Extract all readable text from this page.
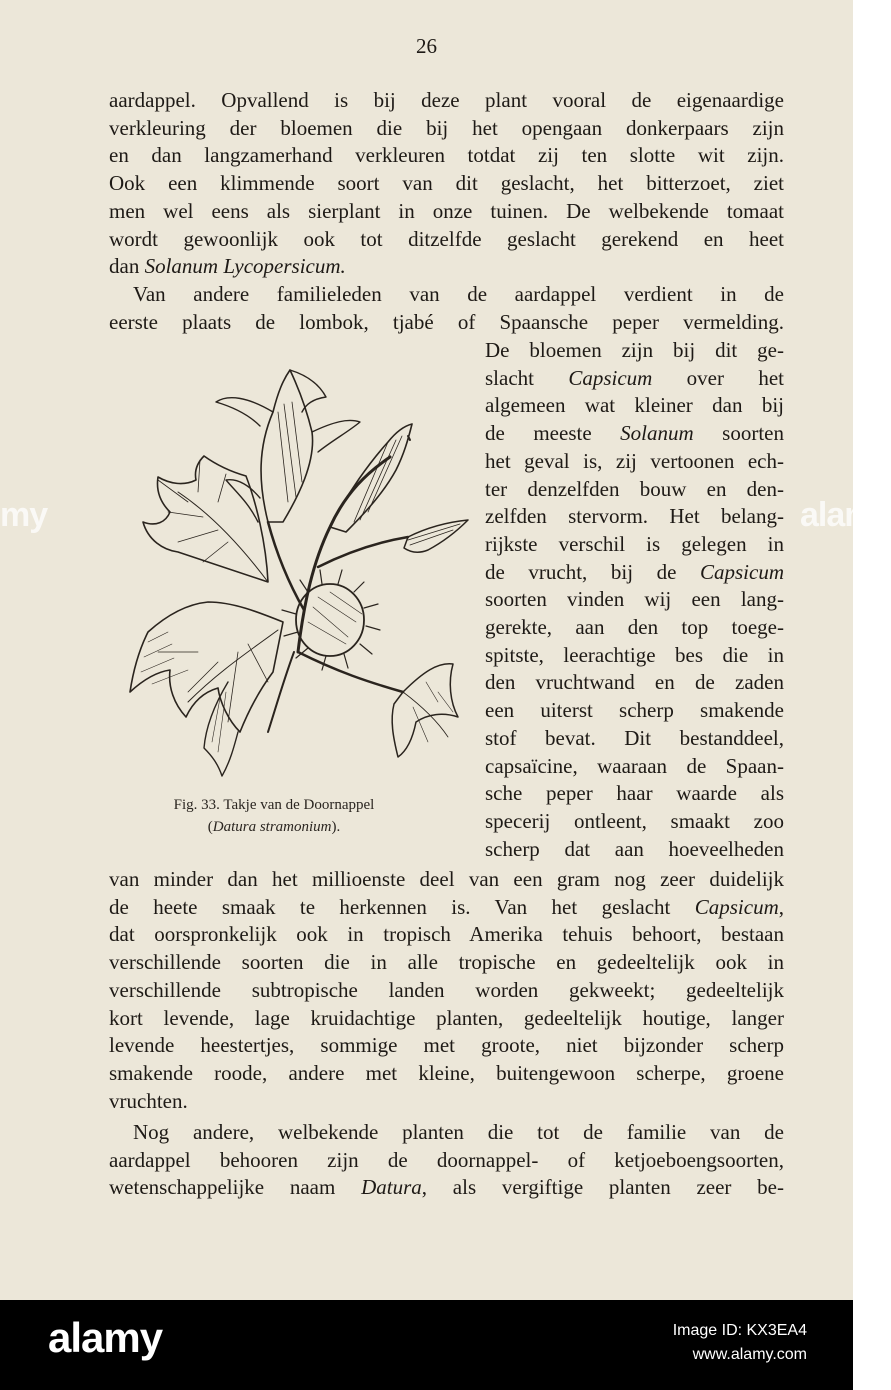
26
aardappel. Opvallend is bij deze plant vooral de eigenaardige
verkleuring der bloemen die bij het opengaan donkerpaars zijn
en dan langzamerhand verkleuren totdat zij ten slotte wit zijn.
Ook een klimmende soort van dit geslacht, het bitterzoet, ziet
men wel eens als sierplant in onze tuinen. De welbekende tomaat
wordt gewoonlijk ook tot ditzelfde geslacht gerekend en heet
dan Solanum Lycopersicum.
Van andere familieleden van de aardappel verdient in de
eerste plaats de lombok, tjabé of Spaansche peper vermelding.
De bloemen zijn bij dit ge-
slacht Capsicum over het
algemeen wat kleiner dan bij
de meeste Solanum soorten
het geval is, zij vertoonen ech-
ter denzelfden bouw en den-
zelfden stervorm. Het belang-
rijkste verschil is gelegen in
de vrucht, bij de Capsicum
soorten vinden wij een lang-
gerekte, aan den top toege-
spitste, leerachtige bes die in
den vruchtwand en de zaden
een uiterst scherp smakende
stof bevat. Dit bestanddeel,
capsaïcine, waaraan de Spaan-
sche peper haar waarde als
specerij ontleent, smaakt zoo
scherp dat aan hoeveelheden
Fig. 33. Takje van de Doornappel
(Datura stramonium).
van minder dan het millioenste deel van een gram nog zeer duidelijk
de heete smaak te herkennen is. Van het geslacht Capsicum,
dat oorspronkelijk ook in tropisch Amerika tehuis behoort, bestaan
verschillende soorten die in alle tropische en gedeeltelijk ook in
verschillende subtropische landen worden gekweekt; gedeeltelijk
kort levende, lage kruidachtige planten, gedeeltelijk houtige, langer
levende heestertjes, sommige met groote, niet bijzonder scherp
smakende roode, andere met kleine, buitengewoon scherpe, groene
vruchten.
Nog andere, welbekende planten die tot de familie van de
aardappel behooren zijn de doornappel- of ketjoeboengsoorten,
wetenschappelijke naam Datura, als vergiftige planten zeer be-
my	alamy
alamy	Image ID: KX3EA4
www.alamy.com
